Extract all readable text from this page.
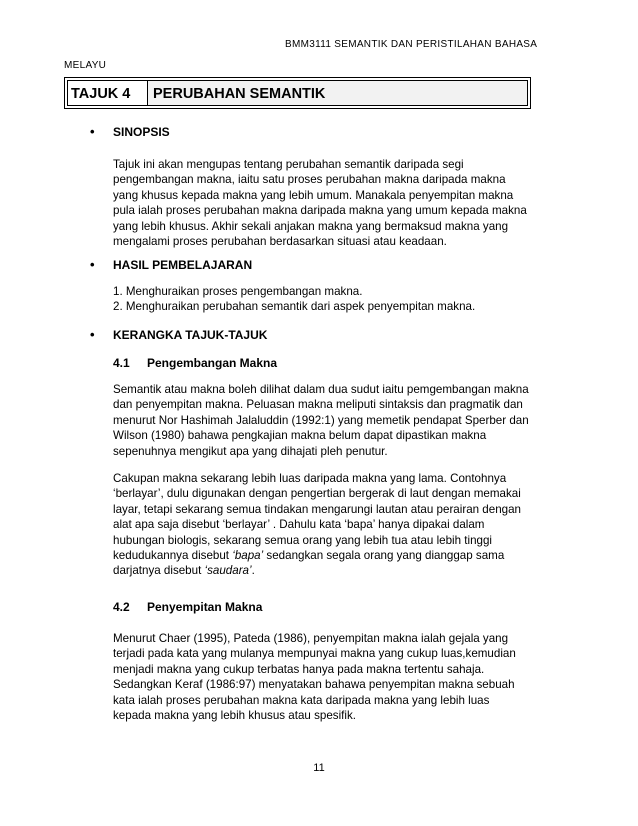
BMM3111 SEMANTIK DAN PERISTILAHAN BAHASA
MELAYU
TAJUK 4	PERUBAHAN SEMANTIK
• SINOPSIS
Tajuk ini akan mengupas tentang perubahan semantik daripada segi
pengembangan makna, iaitu satu proses perubahan makna daripada makna
yang khusus kepada makna yang lebih umum. Manakala penyempitan makna
pula ialah proses perubahan makna daripada makna yang umum kepada makna
yang lebih khusus. Akhir sekali anjakan makna yang bermaksud makna yang
mengalami proses perubahan berdasarkan situasi atau keadaan.
• HASIL PEMBELAJARAN
1. Menghuraikan proses pengembangan makna.
2. Menghuraikan perubahan semantik dari aspek penyempitan makna.
• KERANGKA TAJUK-TAJUK
4.1 Pengembangan Makna
Semantik atau makna boleh dilihat dalam dua sudut iaitu pemgembangan makna
dan penyempitan makna. Peluasan makna meliputi sintaksis dan pragmatik dan
menurut Nor Hashimah Jalaluddin (1992:1) yang memetik pendapat Sperber dan
Wilson (1980) bahawa pengkajian makna belum dapat dipastikan makna
sepenuhnya mengikut apa yang dihajati pleh penutur.
Cakupan makna sekarang lebih luas daripada makna yang lama. Contohnya
‘berlayar’, dulu digunakan dengan pengertian bergerak di laut dengan memakai
layar, tetapi sekarang semua tindakan mengarungi lautan atau perairan dengan
alat apa saja disebut ‘berlayar’ . Dahulu kata ‘bapa’ hanya dipakai dalam
hubungan biologis, sekarang semua orang yang lebih tua atau lebih tinggi
kedudukannya disebut ‘bapa’ sedangkan segala orang yang dianggap sama
darjatnya disebut ‘saudara’.
4.2 Penyempitan Makna
Menurut Chaer (1995), Pateda (1986), penyempitan makna ialah gejala yang
terjadi pada kata yang mulanya mempunyai makna yang cukup luas,kemudian
menjadi makna yang cukup terbatas hanya pada makna tertentu sahaja.
Sedangkan Keraf (1986:97) menyatakan bahawa penyempitan makna sebuah
kata ialah proses perubahan makna kata daripada makna yang lebih luas
kepada makna yang lebih khusus atau spesifik.
11
